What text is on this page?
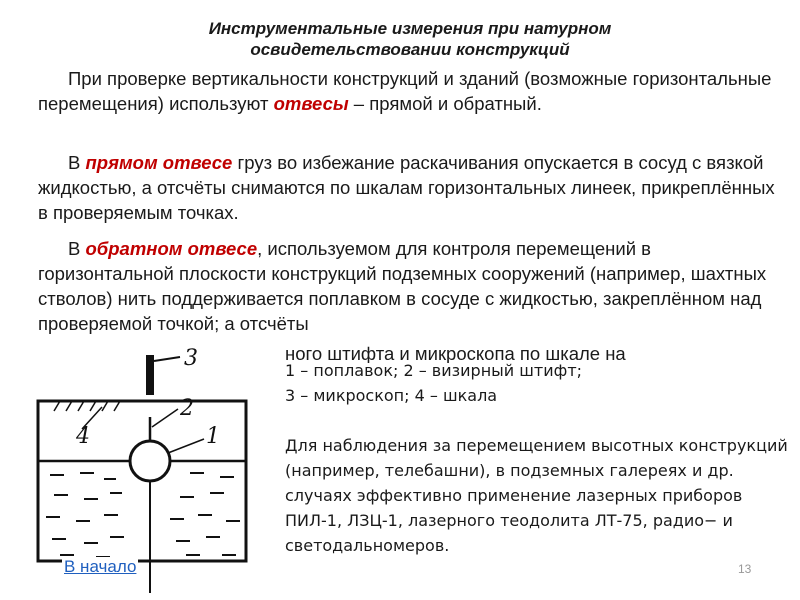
Инструментальные измерения при натурном освидетельствовании конструкций

При проверке вертикальности конструкций и зданий (возможные горизонтальные перемещения) используют отвесы – прямой и обратный.

В прямом отвесе груз во избежание раскачивания опускается в сосуд с вязкой жидкостью, а отсчёты снимаются по шкалам горизонтальных линеек, прикреплённых в проверяемым точках.

В обратном отвесе, используемом для контроля перемещений в горизонтальной плоскости конструкций подземных сооружений (например, шахтных стволов) нить поддерживается поплавком в сосуде с жидкостью, закреплённом над проверяемой точкой; а отсчёты

ного штифта и микроскопа по шкале на
3
2
1
4
1 – поплавок; 2 – визирный штифт;
3 – микроскоп; 4 – шкала
Для наблюдения за перемещением высотных конструкций (например, телебашни), в подземных галереях и др. случаях эффективно применение лазерных приборов ПИЛ-1, ЛЗЦ-1, лазерного теодолита ЛТ-75, радио− и светодальномеров.
В начало	13
